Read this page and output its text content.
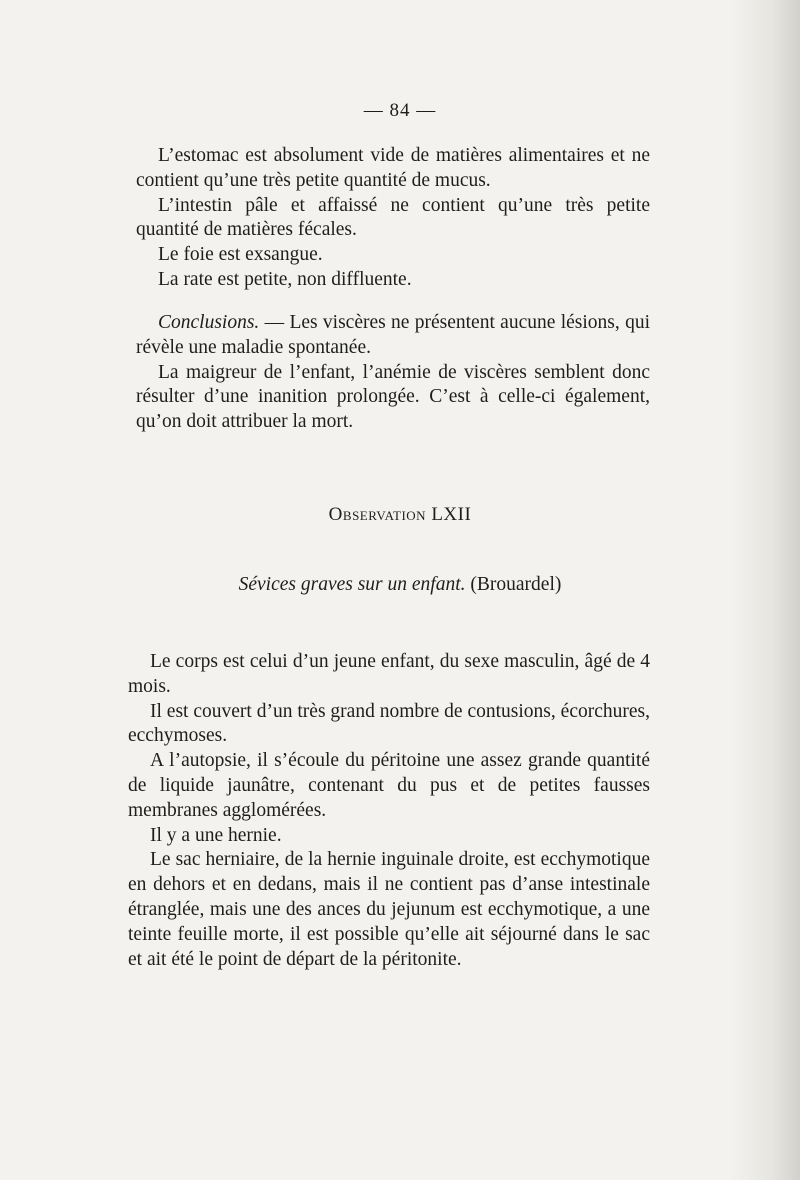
— 84 —

L’estomac est absolument vide de matières alimentaires et ne contient qu’une très petite quantité de mucus.

L’intestin pâle et affaissé ne contient qu’une très petite quantité de matières fécales.

Le foie est exsangue.

La rate est petite, non diffluente.

Conclusions. — Les viscères ne présentent aucune lésions, qui révèle une maladie spontanée.

La maigreur de l’enfant, l’anémie de viscères semblent donc résulter d’une inanition prolongée. C’est à celle-ci également, qu’on doit attribuer la mort.

Observation LXII
Sévices graves sur un enfant. (Brouardel)

Le corps est celui d’un jeune enfant, du sexe masculin, âgé de 4 mois.

Il est couvert d’un très grand nombre de contusions, écorchures, ecchymoses.

A l’autopsie, il s’écoule du péritoine une assez grande quantité de liquide jaunâtre, contenant du pus et de petites fausses membranes agglomérées.

Il y a une hernie.

Le sac herniaire, de la hernie inguinale droite, est ecchymotique en dehors et en dedans, mais il ne contient pas d’anse intestinale étranglée, mais une des ances du jejunum est ecchymotique, a une teinte feuille morte, il est possible qu’elle ait séjourné dans le sac et ait été le point de départ de la péritonite.
